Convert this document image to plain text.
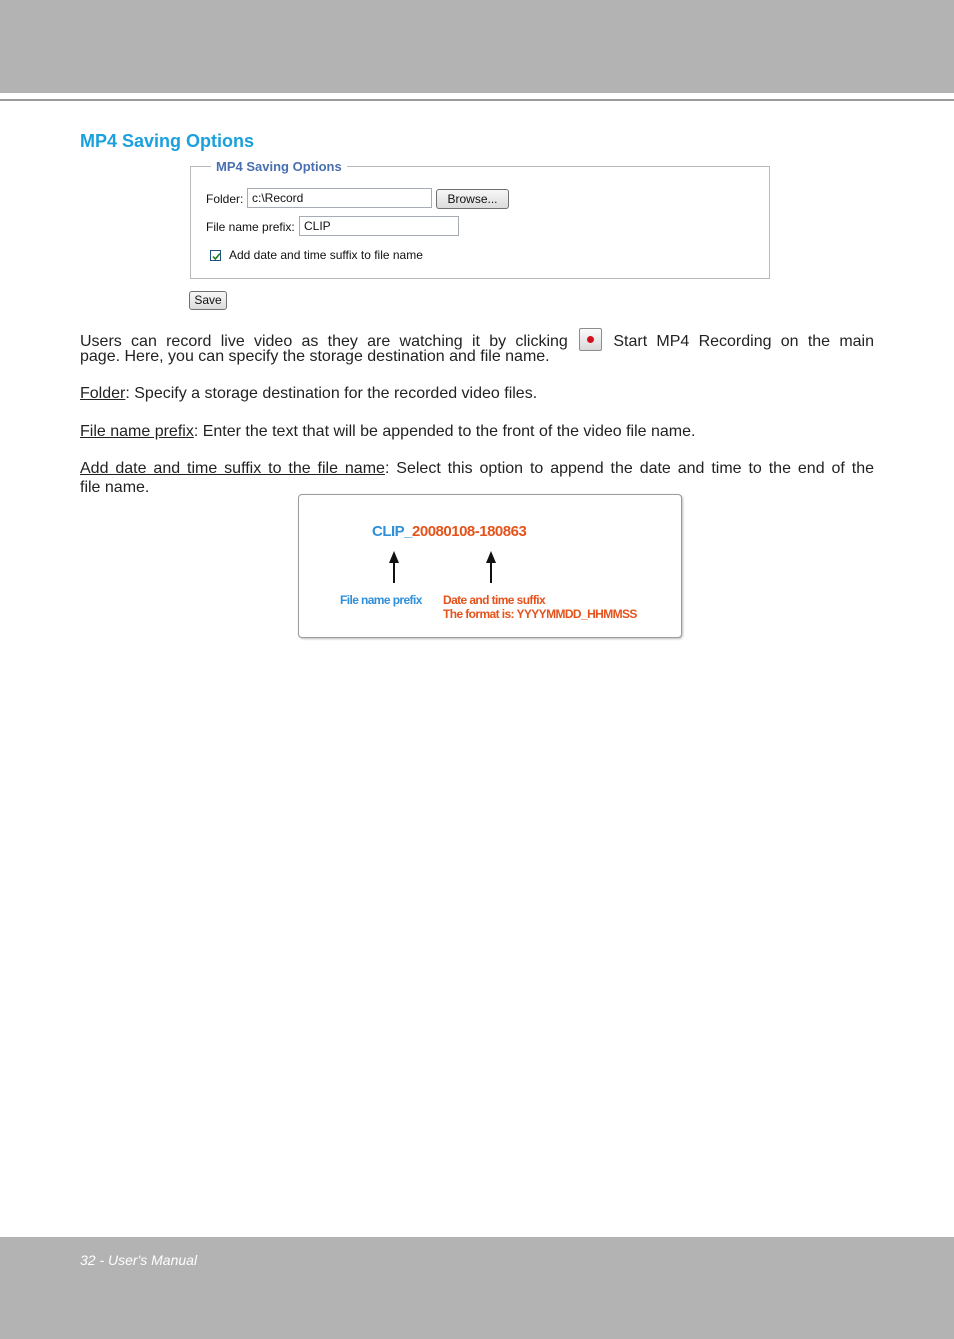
MP4 Saving Options
MP4 Saving Options
Folder: c:\Record	Browse...
File name prefix: CLIP
Add date and time suffix to file name
Save
Users can record live video as they are watching it by clicking	Start MP4 Recording on the main
page. Here, you can specify the storage destination and file name.
Folder: Specify a storage destination for the recorded video files.
File name prefix: Enter the text that will be appended to the front of the video file name.
Add date and time suffix to the file name: Select this option to append the date and time to the end of the
file name.
CLIP_20080108-180863
File name prefix Date and time suffix
The format is: YYYYMMDD_HHMMSS
32 - User's Manual
